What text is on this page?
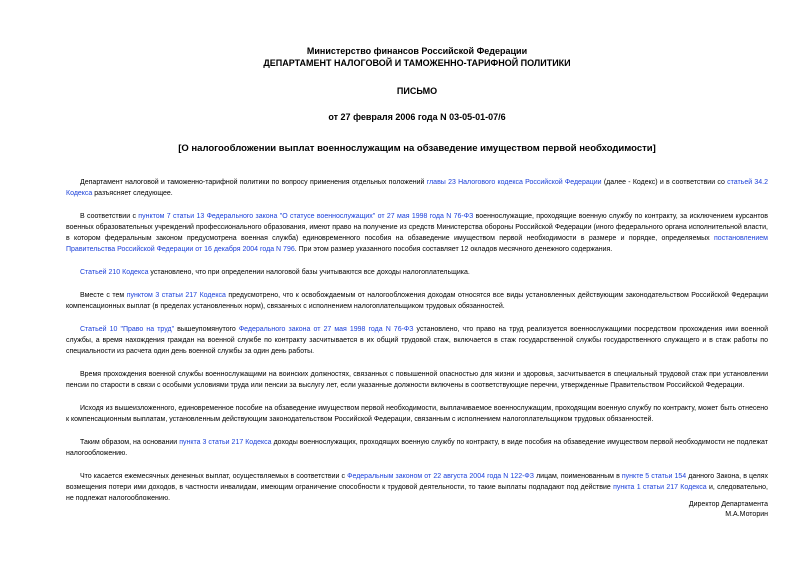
Министерство финансов Российской Федерации
ДЕПАРТАМЕНТ НАЛОГОВОЙ И ТАМОЖЕННО-ТАРИФНОЙ ПОЛИТИКИ
ПИСЬМО
от 27 февраля 2006 года N 03-05-01-07/6
[О налогообложении выплат военнослужащим на обзаведение имуществом первой необходимости]

Департамент налоговой и таможенно-тарифной политики по вопросу применения отдельных положений главы 23 Налогового кодекса Российской Федерации (далее - Кодекс) и в соответствии со статьей 34.2 Кодекса разъясняет следующее.

В соответствии с пунктом 7 статьи 13 Федерального закона "О статусе военнослужащих" от 27 мая 1998 года N 76-ФЗ военнослужащие, проходящие военную службу по контракту, за исключением курсантов военных образовательных учреждений профессионального образования, имеют право на получение из средств Министерства обороны Российской Федерации (иного федерального органа исполнительной власти, в котором федеральным законом предусмотрена военная служба) единовременного пособия на обзаведение имуществом первой необходимости в размере и порядке, определяемых постановлением Правительства Российской Федерации от 16 декабря 2004 года N 796. При этом размер указанного пособия составляет 12 окладов месячного денежного содержания.

Статьей 210 Кодекса установлено, что при определении налоговой базы учитываются все доходы налогоплательщика.

Вместе с тем пунктом 3 статьи 217 Кодекса предусмотрено, что к освобождаемым от налогообложения доходам относятся все виды установленных действующим законодательством Российской Федерации компенсационных выплат (в пределах установленных норм), связанных с исполнением налогоплательщиком трудовых обязанностей.

Статьей 10 "Право на труд" вышеупомянутого Федерального закона от 27 мая 1998 года N 76-ФЗ установлено, что право на труд реализуется военнослужащими посредством прохождения ими военной службы, а время нахождения граждан на военной службе по контракту засчитывается в их общий трудовой стаж, включается в стаж государственной службы государственного служащего и в стаж работы по специальности из расчета один день военной службы за один день работы.

Время прохождения военной службы военнослужащими на воинских должностях, связанных с повышенной опасностью для жизни и здоровья, засчитывается в специальный трудовой стаж при установлении пенсии по старости в связи с особыми условиями труда или пенсии за выслугу лет, если указанные должности включены в соответствующие перечни, утвержденные Правительством Российской Федерации.

Исходя из вышеизложенного, единовременное пособие на обзаведение имуществом первой необходимости, выплачиваемое военнослужащим, проходящим военную службу по контракту, может быть отнесено к компенсационным выплатам, установленным действующим законодательством Российской Федерации, связанным с исполнением налогоплательщиком трудовых обязанностей.

Таким образом, на основании пункта 3 статьи 217 Кодекса доходы военнослужащих, проходящих военную службу по контракту, в виде пособия на обзаведение имуществом первой необходимости не подлежат налогообложению.

Что касается ежемесячных денежных выплат, осуществляемых в соответствии с Федеральным законом от 22 августа 2004 года N 122-ФЗ лицам, поименованным в пункте 5 статьи 154 данного Закона, в целях возмещения потери ими доходов, в частности инвалидам, имеющим ограничение способности к трудовой деятельности, то такие выплаты подпадают под действие пункта 1 статьи 217 Кодекса и, следовательно, не подлежат налогообложению.

Директор Департамента
М.А.Моторин
